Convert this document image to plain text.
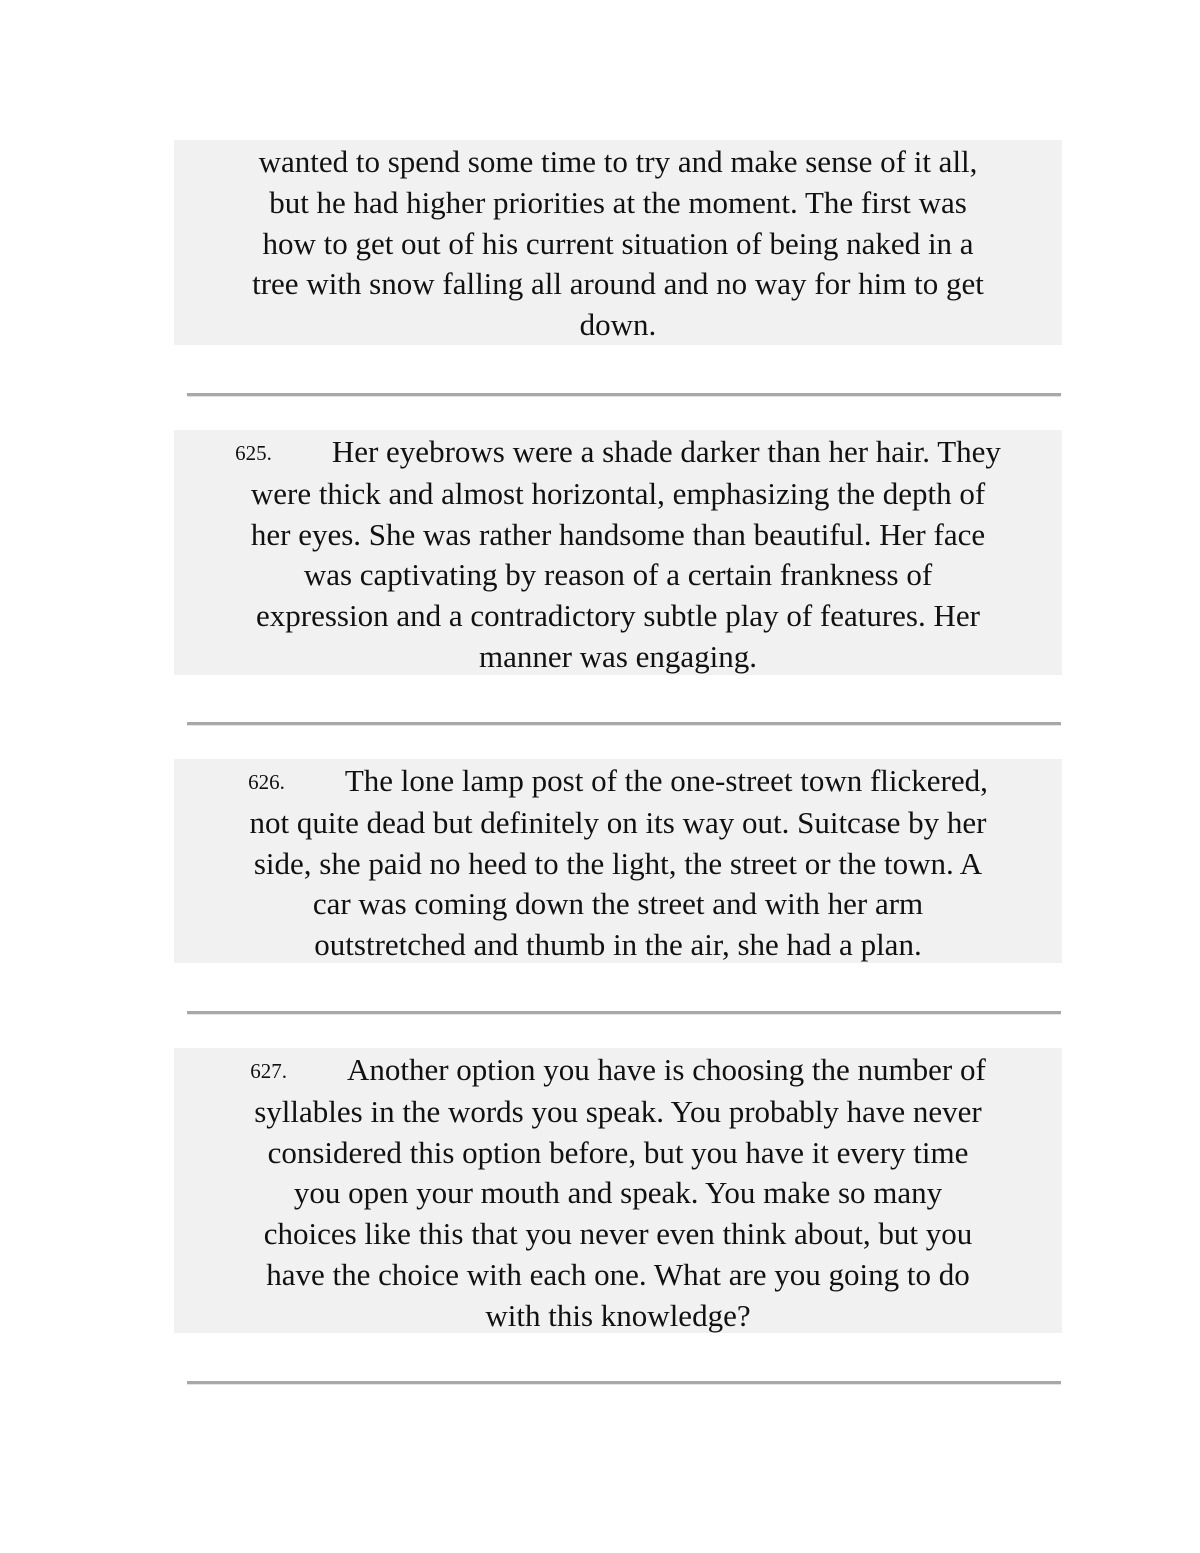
wanted to spend some time to try and make sense of it all,

but he had higher priorities at the moment. The first was

how to get out of his current situation of being naked in a

tree with snow falling all around and no way for him to get

down.

625. Her eyebrows were a shade darker than her hair. They

were thick and almost horizontal, emphasizing the depth of

her eyes. She was rather handsome than beautiful. Her face

was captivating by reason of a certain frankness of

expression and a contradictory subtle play of features. Her

manner was engaging.

626. The lone lamp post of the one-street town flickered,

not quite dead but definitely on its way out. Suitcase by her

side, she paid no heed to the light, the street or the town. A

car was coming down the street and with her arm

outstretched and thumb in the air, she had a plan.

627. Another option you have is choosing the number of

syllables in the words you speak. You probably have never

considered this option before, but you have it every time

you open your mouth and speak. You make so many

choices like this that you never even think about, but you

have the choice with each one. What are you going to do

with this knowledge?
